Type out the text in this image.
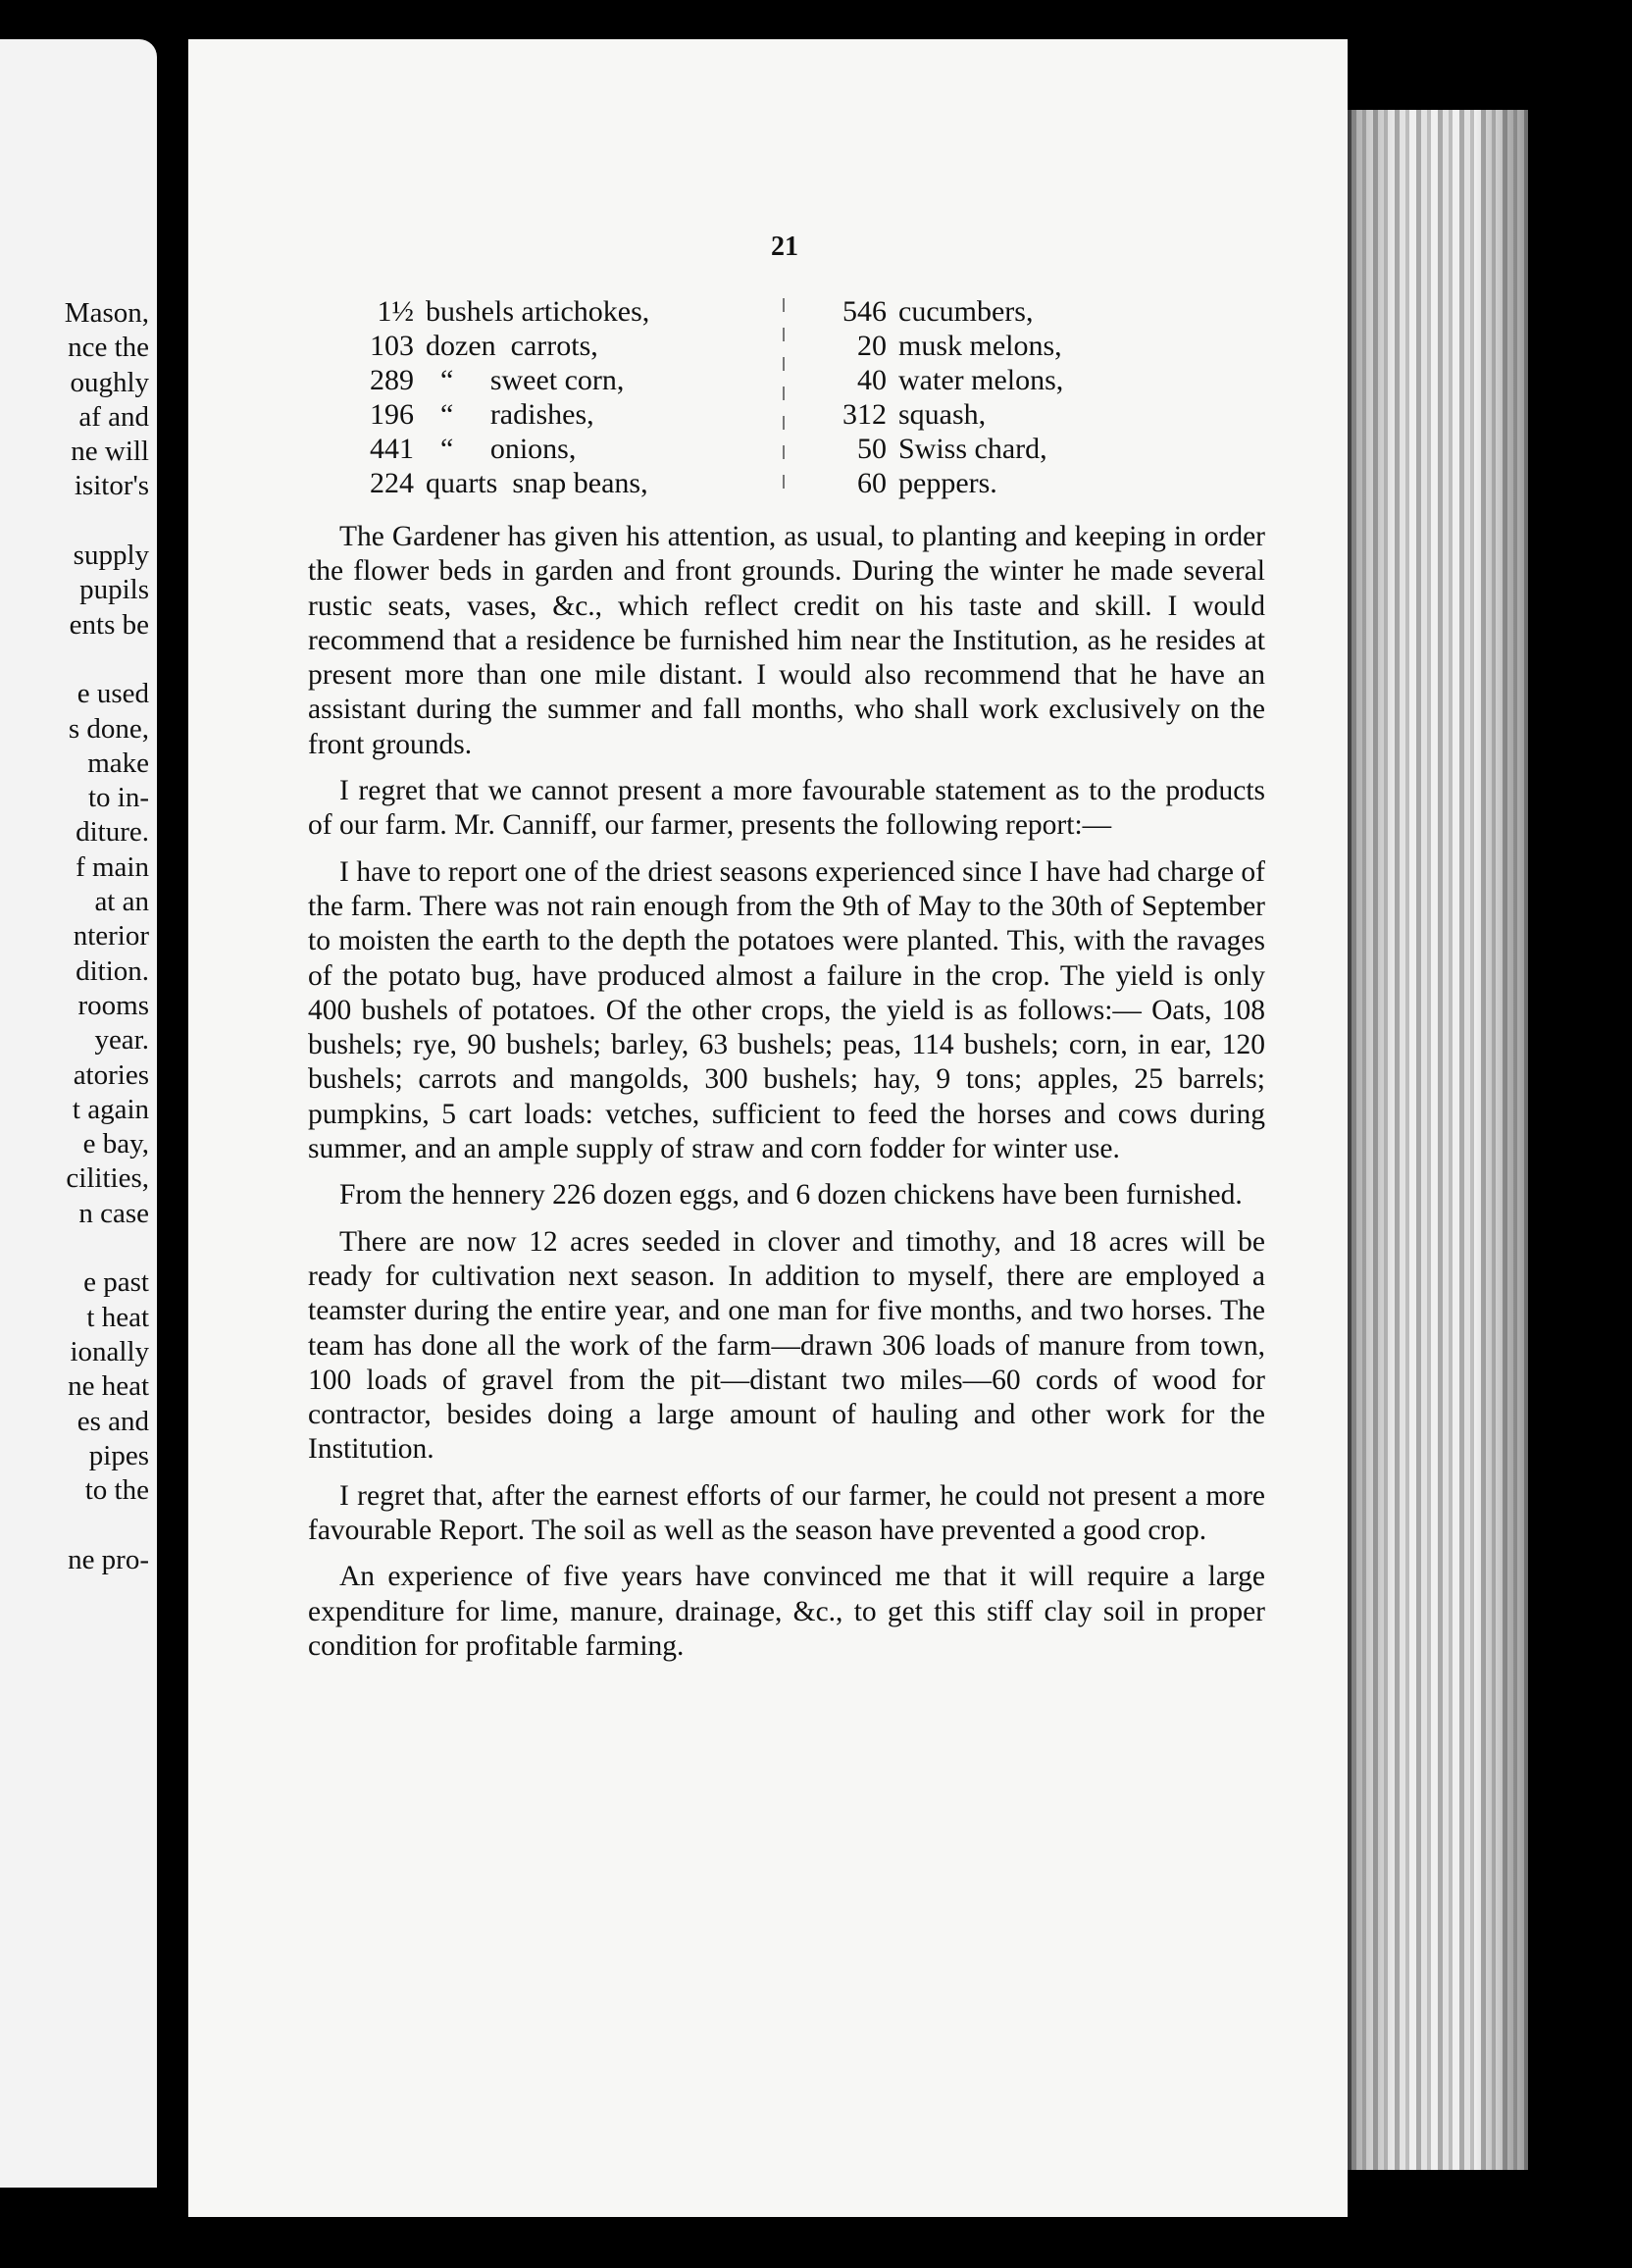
Mason,
nce the
oughly
af and
ne will
isitor's
supply
pupils
ents be
e used
s done,
make
to in-
diture.
f main
at an
nterior
dition.
rooms
year.
atories
t again
e bay,
cilities,
n case
e past
t heat
ionally
ne heat
es and
pipes
to the
ne pro-
21
1½ bushels artichokes,
103 dozen  carrots,
289  “     sweet corn,
196  “     radishes,
441  “     onions,
224 quarts  snap beans,
546 cucumbers,
20 musk melons,
40 water melons,
312 squash,
50 Swiss chard,
60 peppers.

The Gardener has given his attention, as usual, to planting and keeping in order the flower beds in garden and front grounds. During the winter he made several rustic seats, vases, &c., which reflect credit on his taste and skill. I would recommend that a residence be furnished him near the Institution, as he resides at present more than one mile distant. I would also recommend that he have an assistant during the summer and fall months, who shall work exclusively on the front grounds.

I regret that we cannot present a more favourable statement as to the products of our farm. Mr. Canniff, our farmer, presents the following report:—

I have to report one of the driest seasons experienced since I have had charge of the farm. There was not rain enough from the 9th of May to the 30th of September to moisten the earth to the depth the potatoes were planted. This, with the ravages of the potato bug, have produced almost a failure in the crop. The yield is only 400 bushels of potatoes. Of the other crops, the yield is as follows:— Oats, 108 bushels; rye, 90 bushels; barley, 63 bushels; peas, 114 bushels; corn, in ear, 120 bushels; carrots and mangolds, 300 bushels; hay, 9 tons; apples, 25 barrels; pumpkins, 5 cart loads: vetches, sufficient to feed the horses and cows during summer, and an ample supply of straw and corn fodder for winter use.

From the hennery 226 dozen eggs, and 6 dozen chickens have been furnished.

There are now 12 acres seeded in clover and timothy, and 18 acres will be ready for cultivation next season. In addition to myself, there are employed a teamster during the entire year, and one man for five months, and two horses. The team has done all the work of the farm—drawn 306 loads of manure from town, 100 loads of gravel from the pit—distant two miles—60 cords of wood for contractor, besides doing a large amount of hauling and other work for the Institution.

I regret that, after the earnest efforts of our farmer, he could not present a more favourable Report. The soil as well as the season have prevented a good crop.

An experience of five years have convinced me that it will require a large expenditure for lime, manure, drainage, &c., to get this stiff clay soil in proper condition for profitable farming.
